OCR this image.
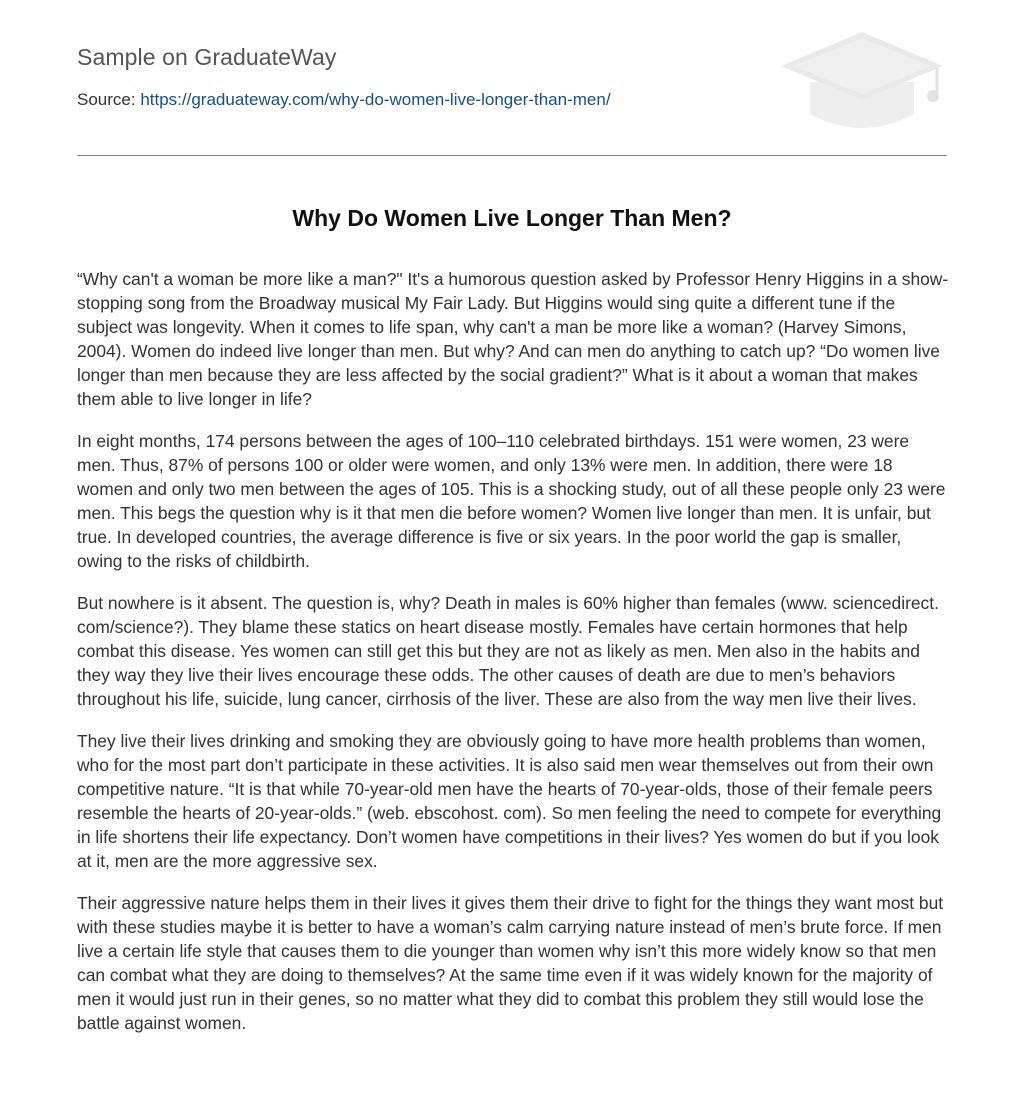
Sample on GraduateWay
Source: https://graduateway.com/why-do-women-live-longer-than-men/
Why Do Women Live Longer Than Men?

“Why can't a woman be more like a man?" It's a humorous question asked by Professor Henry Higgins in a show-stopping song from the Broadway musical My Fair Lady. But Higgins would sing quite a different tune if the subject was longevity. When it comes to life span, why can't a man be more like a woman? (Harvey Simons, 2004). Women do indeed live longer than men. But why? And can men do anything to catch up? “Do women live longer than men because they are less affected by the social gradient?” What is it about a woman that makes them able to live longer in life?

In eight months, 174 persons between the ages of 100–110 celebrated birthdays. 151 were women, 23 were men. Thus, 87% of persons 100 or older were women, and only 13% were men. In addition, there were 18 women and only two men between the ages of 105. This is a shocking study, out of all these people only 23 were men. This begs the question why is it that men die before women? Women live longer than men. It is unfair, but true. In developed countries, the average difference is five or six years. In the poor world the gap is smaller, owing to the risks of childbirth.

But nowhere is it absent. The question is, why? Death in males is 60% higher than females (www. sciencedirect. com/science?). They blame these statics on heart disease mostly. Females have certain hormones that help combat this disease. Yes women can still get this but they are not as likely as men. Men also in the habits and they way they live their lives encourage these odds. The other causes of death are due to men’s behaviors throughout his life, suicide, lung cancer, cirrhosis of the liver. These are also from the way men live their lives.

They live their lives drinking and smoking they are obviously going to have more health problems than women, who for the most part don’t participate in these activities. It is also said men wear themselves out from their own competitive nature. “It is that while 70-year-old men have the hearts of 70-year-olds, those of their female peers resemble the hearts of 20-year-olds.” (web. ebscohost. com). So men feeling the need to compete for everything in life shortens their life expectancy. Don’t women have competitions in their lives? Yes women do but if you look at it, men are the more aggressive sex.

Their aggressive nature helps them in their lives it gives them their drive to fight for the things they want most but with these studies maybe it is better to have a woman’s calm carrying nature instead of men’s brute force. If men live a certain life style that causes them to die younger than women why isn’t this more widely know so that men can combat what they are doing to themselves? At the same time even if it was widely known for the majority of men it would just run in their genes, so no matter what they did to combat this problem they still would lose the battle against women.
